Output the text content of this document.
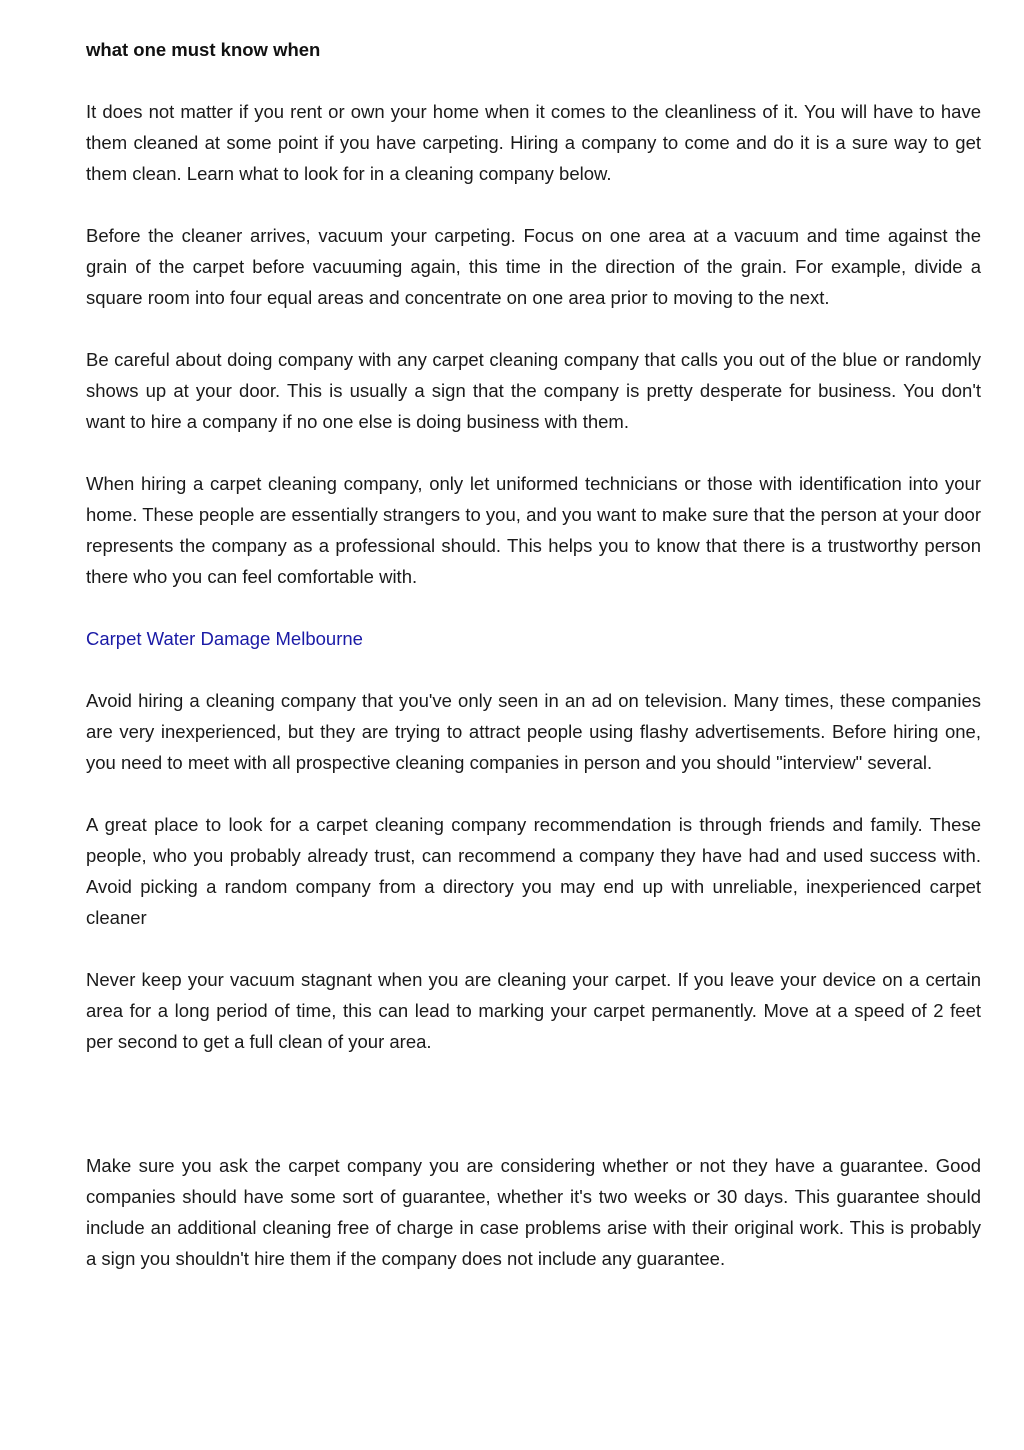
what one must know when

It does not matter if you rent or own your home when it comes to the cleanliness of it. You will have to have them cleaned at some point if you have carpeting. Hiring a company to come and do it is a sure way to get them clean. Learn what to look for in a cleaning company below.

Before the cleaner arrives, vacuum your carpeting. Focus on one area at a vacuum and time against the grain of the carpet before vacuuming again, this time in the direction of the grain. For example, divide a square room into four equal areas and concentrate on one area prior to moving to the next.

Be careful about doing company with any carpet cleaning company that calls you out of the blue or randomly shows up at your door. This is usually a sign that the company is pretty desperate for business. You don't want to hire a company if no one else is doing business with them.

When hiring a carpet cleaning company, only let uniformed technicians or those with identification into your home. These people are essentially strangers to you, and you want to make sure that the person at your door represents the company as a professional should. This helps you to know that there is a trustworthy person there who you can feel comfortable with.

Carpet Water Damage Melbourne

Avoid hiring a cleaning company that you've only seen in an ad on television. Many times, these companies are very inexperienced, but they are trying to attract people using flashy advertisements. Before hiring one, you need to meet with all prospective cleaning companies in person and you should "interview" several.

A great place to look for a carpet cleaning company recommendation is through friends and family. These people, who you probably already trust, can recommend a company they have had and used success with. Avoid picking a random company from a directory you may end up with unreliable, inexperienced carpet cleaner

Never keep your vacuum stagnant when you are cleaning your carpet. If you leave your device on a certain area for a long period of time, this can lead to marking your carpet permanently. Move at a speed of 2 feet per second to get a full clean of your area.

Make sure you ask the carpet company you are considering whether or not they have a guarantee. Good companies should have some sort of guarantee, whether it's two weeks or 30 days. This guarantee should include an additional cleaning free of charge in case problems arise with their original work. This is probably a sign you shouldn't hire them if the company does not include any guarantee.
